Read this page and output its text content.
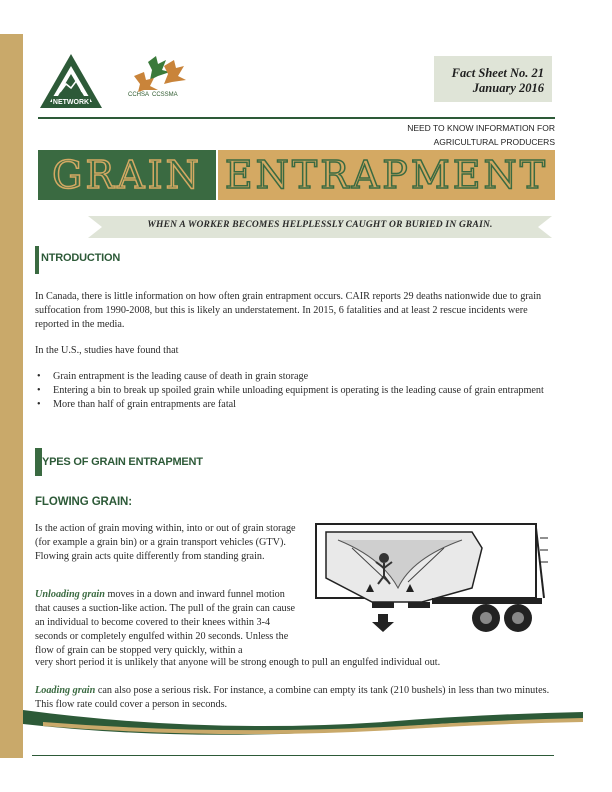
NETWORK
CCHSA CCSSMA
Fact Sheet No. 21
January 2016
NEED TO KNOW INFORMATION FOR
AGRICULTURAL PRODUCERS
GRAIN ENTRAPMENT
WHEN A WORKER BECOMES HELPLESSLY CAUGHT OR BURIED IN GRAIN.
NTRODUCTION
In Canada, there is little information on how often grain entrapment occurs. CAIR reports 29 deaths nationwide due to grain suffocation from 1990-2008, but this is likely an understatement. In 2015, 6 fatalities and at least 2 rescue incidents were reported in the media.
In the U.S., studies have found that
• Grain entrapment is the leading cause of death in grain storage
• Entering a bin to break up spoiled grain while unloading equipment is operating is the leading cause of grain entrapment
• More than half of grain entrapments are fatal
YPES OF GRAIN ENTRAPMENT
FLOWING GRAIN:
Is the action of grain moving within, into or out of grain storage (for example a grain bin) or a grain transport vehicles (GTV). Flowing grain acts quite differently from standing grain.
Unloading grain moves in a down and inward funnel motion that causes a suction-like action. The pull of the grain can cause an individual to become covered to their knees within 3-4 seconds or completely engulfed within 20 seconds. Unless the flow of grain can be stopped very quickly, within a
very short period it is unlikely that anyone will be strong enough to pull an engulfed individual out.
Loading grain can also pose a serious risk. For instance, a combine can empty its tank (210 bushels) in less than two minutes. This flow rate could cover a person in seconds.
